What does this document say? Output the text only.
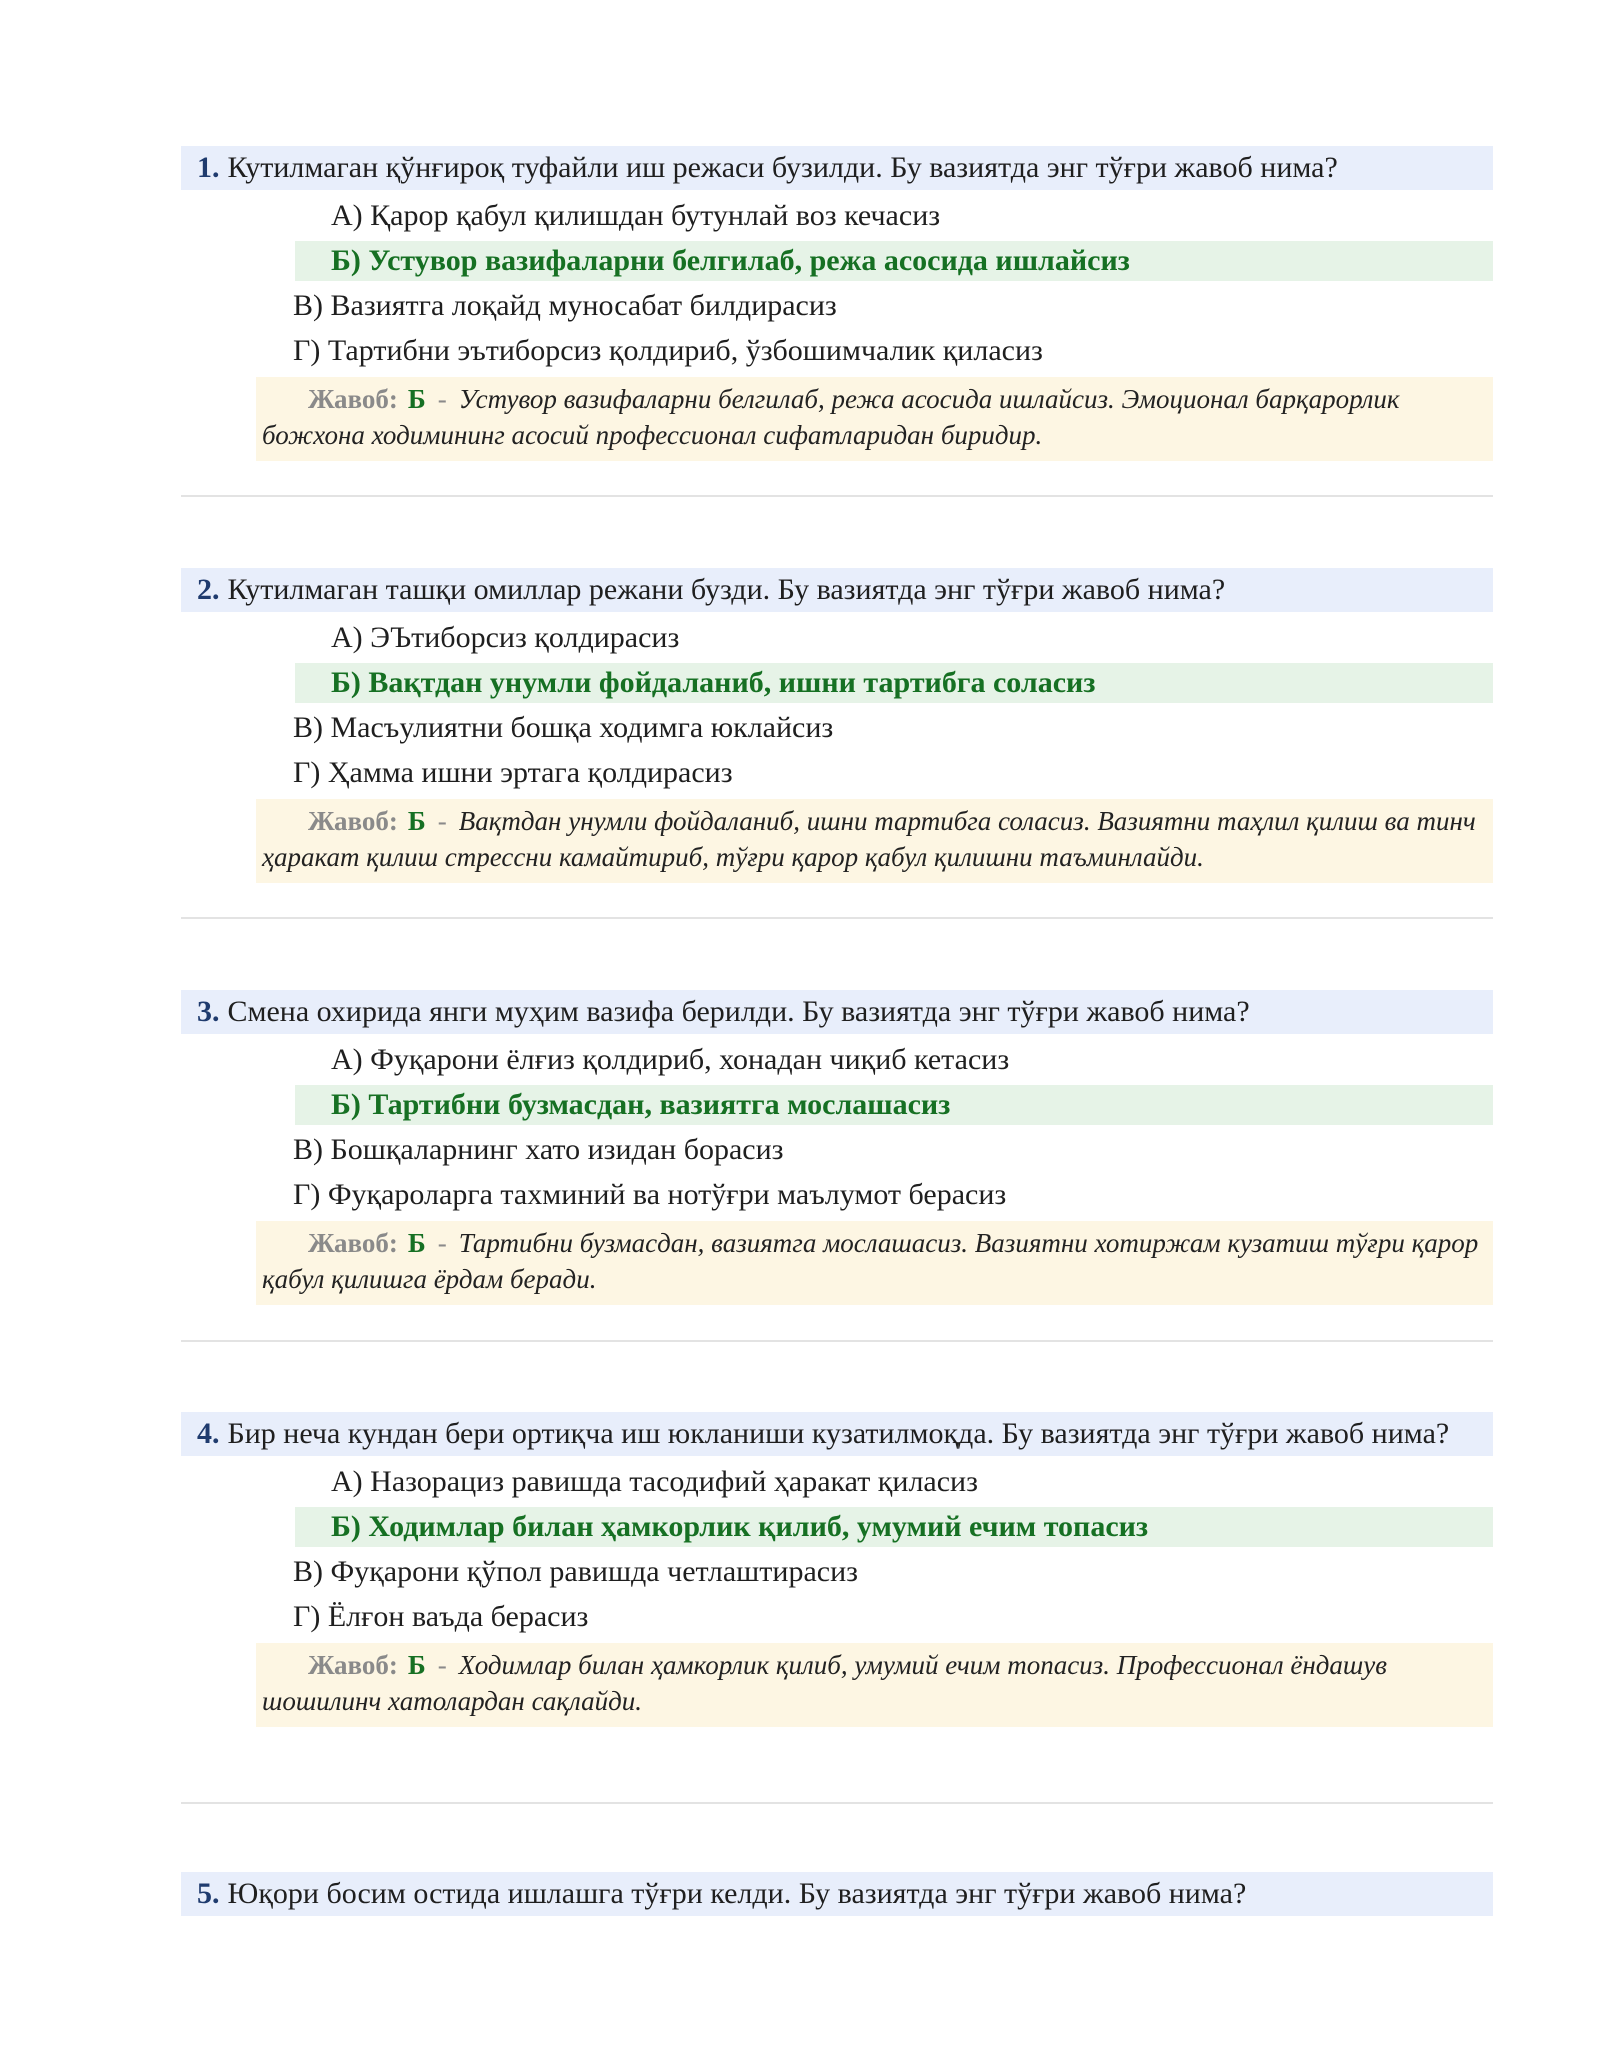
1. Кутилмаган қўнғироқ туфайли иш режаси бузилди. Бу вазиятда энг тўғри жавоб нима?
А) Қарор қабул қилишдан бутунлай воз кечасиз
Б) Устувор вазифаларни белгилаб, режа асосида ишлайсиз
В) Вазиятга лоқайд муносабат билдирасиз
Г) Тартибни эътиборсиз қолдириб, ўзбошимчалик қиласиз
Жавоб: Б - Устувор вазифаларни белгилаб, режа асосида ишлайсиз. Эмоционал барқарорлик божхона ходимининг асосий профессионал сифатларидан биридир.
2. Кутилмаган ташқи омиллар режани бузди. Бу вазиятда энг тўғри жавоб нима?
А) ЭЪтиборсиз қолдирасиз
Б) Вақтдан унумли фойдаланиб, ишни тартибга соласиз
В) Масъулиятни бошқа ходимга юклайсиз
Г) Ҳамма ишни эртага қолдирасиз
Жавоб: Б - Вақтдан унумли фойдаланиб, ишни тартибга соласиз. Вазиятни таҳлил қилиш ва тинч ҳаракат қилиш стрессни камайтириб, тўғри қарор қабул қилишни таъминлайди.
3. Смена охирида янги муҳим вазифа берилди. Бу вазиятда энг тўғри жавоб нима?
А) Фуқарони ёлғиз қолдириб, хонадан чиқиб кетасиз
Б) Тартибни бузмасдан, вазиятга мослашасиз
В) Бошқаларнинг хато изидан борасиз
Г) Фуқароларга тахминий ва нотўғри маълумот берасиз
Жавоб: Б - Тартибни бузмасдан, вазиятга мослашасиз. Вазиятни хотиржам кузатиш тўғри қарор қабул қилишга ёрдам беради.
4. Бир неча кундан бери ортиқча иш юкланиши кузатилмоқда. Бу вазиятда энг тўғри жавоб нима?
А) Назорациз равишда тасодифий ҳаракат қиласиз
Б) Ходимлар билан ҳамкорлик қилиб, умумий ечим топасиз
В) Фуқарони қўпол равишда четлаштирасиз
Г) Ёлғон ваъда берасиз
Жавоб: Б - Ходимлар билан ҳамкорлик қилиб, умумий ечим топасиз. Профессионал ёндашув шошилинч хатолардан сақлайди.
5. Юқори босим остида ишлашга тўғри келди. Бу вазиятда энг тўғри жавоб нима?
